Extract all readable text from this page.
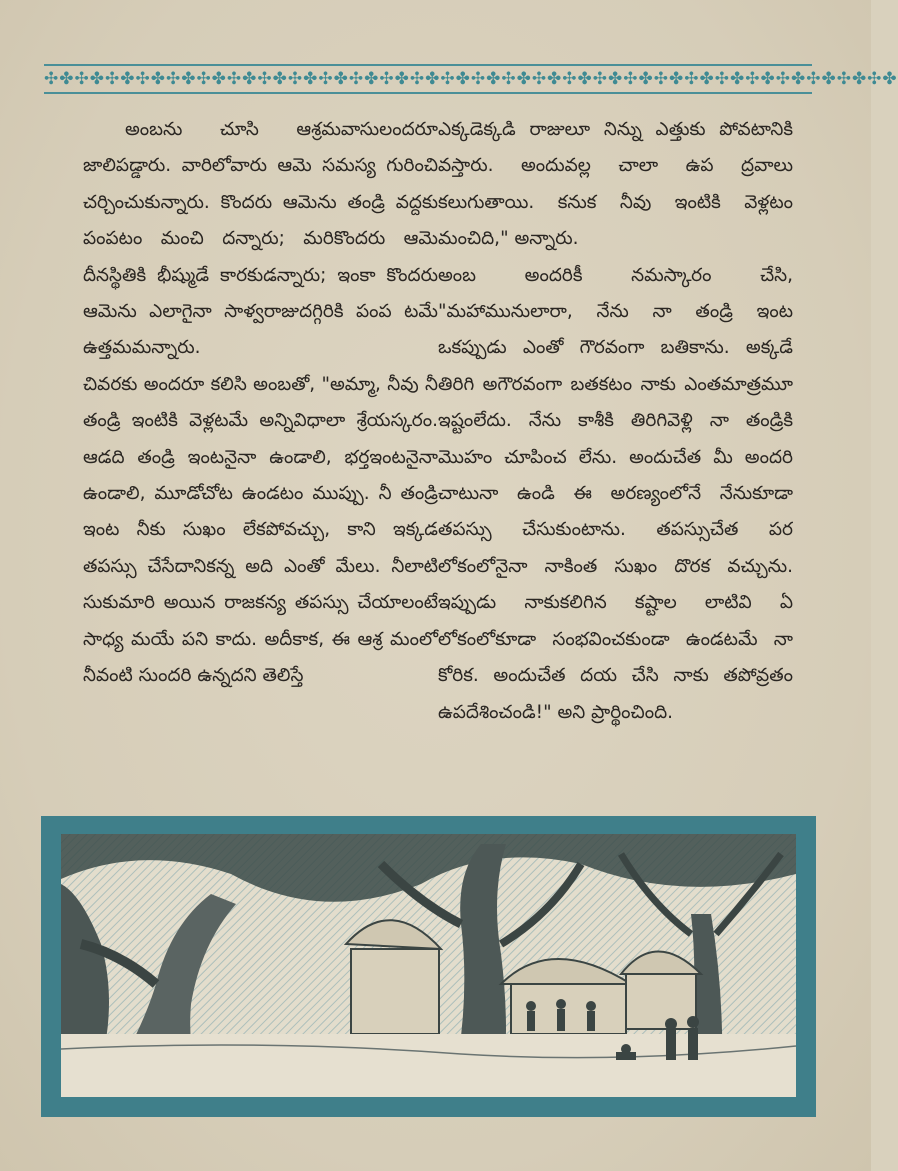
✣✤✣✤✣✤✣✤✣✤✣✤✣✤✣✤✣✤✣✤✣✤✣✤✣✤✣✤✣✤✣✤✣✤✣✤✣✤✣✤✣✤✣✤✣✤✣✤✣✤✣✤✣✤✣✤

అంబను చూసి ఆశ్రమవాసులందరూ జాలిపడ్డారు. వారిలోవారు ఆమె సమస్య గురించి చర్చించుకున్నారు. కొందరు ఆమెను తండ్రి వద్దకు పంపటం మంచి దన్నారు; మరికొందరు ఆమె దీనస్థితికి భీష్ముడే కారకుడన్నారు; ఇంకా కొందరు ఆమెను ఎలాగైనా సాళ్వరాజుదగ్గిరికి పంప టమే ఉత్తమమన్నారు.

చివరకు అందరూ కలిసి అంబతో, "అమ్మా, నీవు నీ తండ్రి ఇంటికి వెళ్లటమే అన్నివిధాలా శ్రేయస్కరం. ఆడది తండ్రి ఇంటనైనా ఉండాలి, భర్తఇంటనైనా ఉండాలి, మూడోచోట ఉండటం ముప్పు. నీ తండ్రి ఇంట నీకు సుఖం లేకపోవచ్చు, కాని ఇక్కడ తపస్సు చేసేదానికన్న అది ఎంతో మేలు. నీలాటి సుకుమారి అయిన రాజకన్య తపస్సు చేయాలంటే సాధ్య మయే పని కాదు. అదీకాక, ఈ ఆశ్ర మంలో నీవంటి సుందరి ఉన్నదని తెలిస్తే

ఎక్కడెక్కడి రాజులూ నిన్ను ఎత్తుకు పోవటానికి వస్తారు. అందువల్ల చాలా ఉప ద్రవాలు కలుగుతాయి. కనుక నీవు ఇంటికి వెళ్లటం మంచిది," అన్నారు.

అంబ అందరికీ నమస్కారం చేసి, "మహామునులారా, నేను నా తండ్రి ఇంట ఒకప్పుడు ఎంతో గౌరవంగా బతికాను. అక్కడే తిరిగి అగౌరవంగా బతకటం నాకు ఎంతమాత్రమూ ఇష్టంలేదు. నేను కాశీకి తిరిగివెళ్లి నా తండ్రికి మొహం చూపించ లేను. అందుచేత మీ అందరి చాటునా ఉండి ఈ అరణ్యంలోనే నేనుకూడా తపస్సు చేసుకుంటాను. తపస్సుచేత పర లోకంలోనైనా నాకింత సుఖం దొరక వచ్చును. ఇప్పుడు నాకుకలిగిన కష్టాల లాటివి ఏ లోకంలోకూడా సంభవించకుండా ఉండటమే నా కోరిక. అందుచేత దయ చేసి నాకు తపోవ్రతం ఉపదేశించండి!" అని ప్రార్థించింది.
